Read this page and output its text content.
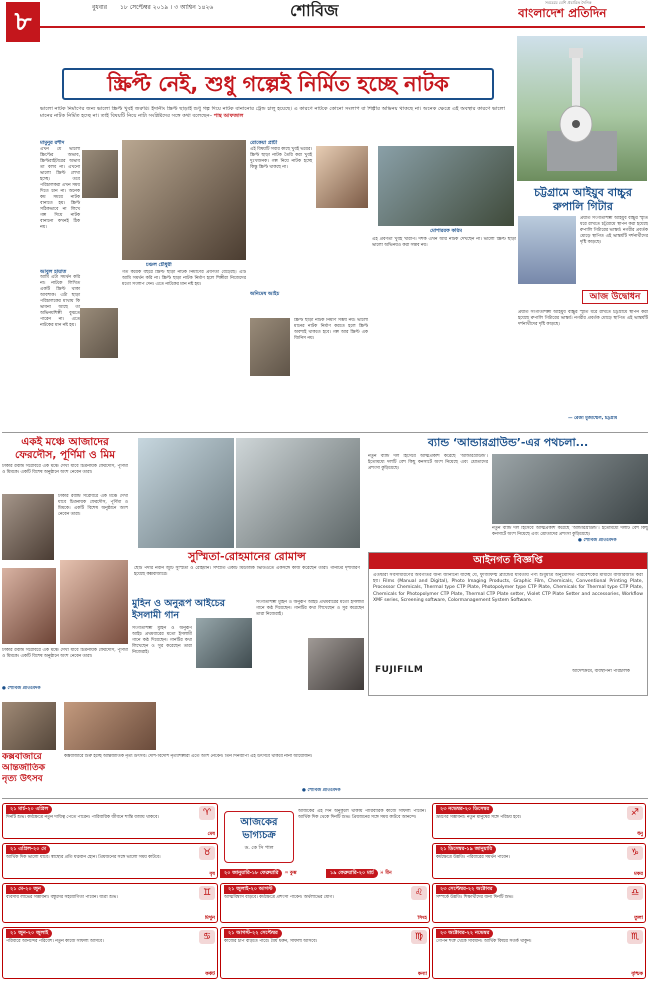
৮	বুধবার ১৮ সেপ্টেম্বর ২০১৯ । ৩ আশ্বিন ১৪২৬	শোবিজ	সবচেয়ে বেশি প্রচারিত দৈনিক
বাংলাদেশ প্রতিদিন
স্ক্রিপ্ট নেই, শুধু গল্পেই নির্মিত হচ্ছে নাটক
ভালো নাটক নির্মাণের জন্য ভালো স্ক্রিপ্ট খুবই জরুরি। ইদানীং স্ক্রিপ্ট ছাড়াই শুধু গল্প দিয়ে নাটক বানানোর ট্রেন্ড চালু হয়েছে। এ কারণে নাটকে কোনো সংলাপ বা শিল্পীর অভিনয় থাকছে না। অনেক ক্ষেত্রে এই অবস্থার কারণে ভালো মানের নাটক নির্মিত হচ্ছে না। তাই বিষয়টি নিয়ে নাট্য সংশ্লিষ্টদের সঙ্গে কথা বলেছেন– পান্থ আফজাল
মামুনুর রশীদ
এখন যে ভালো স্ক্রিপ্টের অভাব, স্ক্রিপ্টরাইটারের অভাব তা বলব না। এখনো ভালো স্ক্রিপ্ট লেখা হচ্ছে। তবে পরিচালকরা এখন সময় দিতে চান না। অনেক কম সময়ে নাটক বানাতে হয়। স্ক্রিপ্ট সঠিকভাবে না লিখে গল্প দিয়ে নাটক বানানো কখনই ঠিক নয়।
আবুল হায়াত
আমি এটা সমর্থন করি না। নাটকে লিখিত একটি স্ক্রিপ্ট থাকা আবশ্যক। এটা ছাড়া পরিচালকের মাথায় কি ভাবনা আছে তা অভিনয়শিল্পী বুঝতে পারেন না। এতে নাটকের মান নষ্ট হয়।
চঞ্চল চৌধুরী
গত কয়েক বছরে স্ক্রিপ্ট ছাড়া নাটক নির্মাণের প্রবণতা বেড়েছে। এটি আমি সমর্থন করি না। স্ক্রিপ্ট ছাড়া নাটক নির্মাণ হলে শিল্পীরা নিজেদের মতো সংলাপ দেন। এতে নাটকের মান নষ্ট হয়।
রোকেয়া প্রাচী
এই বিষয়টি সবার কাছে খুবই ভয়ের। স্ক্রিপ্ট ছাড়া নাটক তৈরি করা খুবই দুঃখজনক। গল্প নিয়ে নাটক হচ্ছে কিন্তু স্ক্রিপ্ট থাকছে না।
অনিমেষ আইচ
স্ক্রিপ্ট ছাড়া নাটক নির্মাণ সম্ভব নয়। ভালো মানের নাটক নির্মাণ করতে হলে স্ক্রিপ্ট অবশ্যই থাকতে হবে। গল্প আর স্ক্রিপ্ট এক জিনিস নয়।
মোশাররফ করিম
এই প্রবণতা খুবই খারাপ। দর্শক এখন আর নাটক দেখছেন না। ভালো স্ক্রিপ্ট ছাড়া ভালো অভিনয়ও করা সম্ভব নয়।
চট্টগ্রামে আইয়ুব বাচ্চুর
রুপালি গিটার
প্রয়াত সংগীতশিল্পী আইয়ুব বাচ্চুর স্মৃতি ধরে রাখতে চট্টগ্রামে স্থাপন করা হয়েছে রুপালি গিটারের ভাস্কর্য। নগরীর প্রবর্তক মোড়ে স্থাপিত এই ভাস্কর্যটি দর্শনার্থীদের দৃষ্টি কাড়ছে।
আজ উদ্বোধন
প্রয়াত সংগীতশিল্পী আইয়ুব বাচ্চুর স্মৃতি ধরে রাখতে চট্টগ্রামে স্থাপন করা হয়েছে রুপালি গিটারের ভাস্কর্য। নগরীর প্রবর্তক মোড়ে স্থাপিত এই ভাস্কর্যটি দর্শনার্থীদের দৃষ্টি কাড়ছে।
— রেজা মুজাম্মেল, চট্টগ্রাম
একই মঞ্চে আজাদের
ফেরদৌস, পূর্ণিমা ও মিম
ঢাকার রবীন্দ্র সরোবরে এক মঞ্চে দেখা যাবে চিত্রনায়ক ফেরদৌস, পূর্ণিমা ও মিমকে। একটি বিশেষ অনুষ্ঠানে অংশ নেবেন তারা।
ঢাকার রবীন্দ্র সরোবরে এক মঞ্চে দেখা যাবে চিত্রনায়ক ফেরদৌস, পূর্ণিমা ও মিমকে। একটি বিশেষ অনুষ্ঠানে অংশ নেবেন তারা।
ঢাকার রবীন্দ্র সরোবরে এক মঞ্চে দেখা যাবে চিত্রনায়ক ফেরদৌস, পূর্ণিমা ও মিমকে। একটি বিশেষ অনুষ্ঠানে অংশ নেবেন তারা।
● শোবিজ প্রতিবেদক
সুস্মিতা-রোহমানের রোমান্স
ছোট পর্দার নবীন জুটি সুস্মিতা ও রোহমান। সম্প্রতি একটি মিউজিক ভিডিওতে একসঙ্গে কাজ করেছেন তারা। গানটির দৃশ্যধারণ হয়েছে কক্সবাজারে।
ব্যান্ড ‘আন্ডারগ্রাউন্ড’-এর পথচলা...
নতুন ব্যান্ড দল হিসেবে আত্মপ্রকাশ করেছে ‘আন্ডারগ্রাউন্ড’। ইতোমধ্যে দলটি বেশ কিছু কনসার্টে অংশ নিয়েছে এবং শ্রোতাদের প্রশংসা কুড়িয়েছে।
নতুন ব্যান্ড দল হিসেবে আত্মপ্রকাশ করেছে ‘আন্ডারগ্রাউন্ড’। ইতোমধ্যে দলটি বেশ কিছু কনসার্টে অংশ নিয়েছে এবং শ্রোতাদের প্রশংসা কুড়িয়েছে।
● শোবিজ প্রতিবেদক
আইনগত বিজ্ঞপ্তি
এতদ্বারা সর্বসাধারণের অবগতির জন্য জানানো যাচ্ছে যে, ফুজিফিল্ম ব্র্যান্ডের যাবতীয় পণ্য শুধুমাত্র অনুমোদিত পরিবেশকের মাধ্যমে বাজারজাত করা হয়। Films (Manual and Digital), Photo Imaging Products, Graphic Film, Chemicals, Conventional Printing Plate, Processor Chemicals, Thermal type CTP Plate, Photopolymer type CTP Plate, Chemicals for Thermal type CTP Plate, Chemicals for Photopolymer CTP Plate, Thermal CTP Plate setter, Violet CTP Plate Setter and accessories, Workflow XMF series, Screening software, Colormanagement System Software.
FUJIFILM	আদেশক্রমে, ব্যবস্থাপনা পরিচালক
মুহিন ও অনুরূপ আইচের
ইসলামী গান
সংগীতশিল্পী মুহিন ও অনুরূপ আইচ প্রথমবারের মতো ইসলামী গানে কণ্ঠ দিয়েছেন। গানটির কথা লিখেছেন ও সুর করেছেন তারা নিজেরাই।
সংগীতশিল্পী মুহিন ও অনুরূপ আইচ প্রথমবারের মতো ইসলামী গানে কণ্ঠ দিয়েছেন। গানটির কথা লিখেছেন ও সুর করেছেন তারা নিজেরাই।
কক্সবাজারে
আন্তর্জাতিক
নৃত্য উৎসব
কক্সবাজারে শুরু হচ্ছে আন্তর্জাতিক নৃত্য উৎসব। দেশি-বিদেশি নৃত্যশিল্পীরা এতে অংশ নেবেন। তিন দিনব্যাপী এই উৎসবে থাকবে নানা আয়োজন।
● শোবিজ প্রতিবেদক
আজকের
ভাগ্যচক্র
ড. কে সি পাল
আজকের এই দিন অনুকূলে থাকায় পারিবারিক কাজে সাফল্য পাবেন। আর্থিক দিক থেকে দিনটি শুভ। প্রিয়জনের সঙ্গে সময় কাটবে আনন্দে।
২১ মার্চ-২০ এপ্রিল	♈
মেষ
দিনটি শুভ। কর্মক্ষেত্রে নতুন দায়িত্ব পেতে পারেন। পারিবারিক জীবনে শান্তি বজায় থাকবে।
২১ এপ্রিল-২০ মে	♉
বৃষ
আর্থিক দিক ভালো যাবে। স্বাস্থ্যের প্রতি যত্নবান হোন। প্রিয়জনের সঙ্গে ভালো সময় কাটবে।
২১ মে-২০ জুন	♊
মিথুন
ব্যবসায় লাভের সম্ভাবনা। বন্ধুদের সহযোগিতা পাবেন। যাত্রা শুভ।
২১ জুন-২০ জুলাই	♋
কর্কট
পরিবারে আনন্দের পরিবেশ। নতুন কাজে সাফল্য আসবে।
২১ জুলাই-২০ আগস্ট	♌
সিংহ
আত্মবিশ্বাস বাড়বে। কর্মক্ষেত্রে প্রশংসা পাবেন। অর্থলাভের যোগ।
২১ আগস্ট-২২ সেপ্টেম্বর	♍
কন্যা
কাজের চাপ বাড়তে পারে। ধৈর্য ধরুন, সাফল্য আসবে।
২৩ সেপ্টেম্বর-২২ অক্টোবর	♎
তুলা
সম্পর্কে উন্নতি। শিক্ষার্থীদের জন্য দিনটি শুভ।
২৩ অক্টোবর-২২ নভেম্বর	♏
বৃশ্চিক
গোপন শত্রু থেকে সাবধান। আর্থিক বিষয়ে সতর্ক থাকুন।
২৩ নভেম্বর-২০ ডিসেম্বর	♐
ধনু
ভ্রমণের সম্ভাবনা। নতুন মানুষের সঙ্গে পরিচয় হবে।
২১ ডিসেম্বর-১৯ জানুয়ারি	♑
মকর
কর্মক্ষেত্রে উন্নতি। পরিবারের সমর্থন পাবেন।
২০ জানুয়ারি-১৮ ফেব্রুয়ারি ♒ কুম্ভ	১৯ ফেব্রুয়ারি-২০ মার্চ ♓ মীন
